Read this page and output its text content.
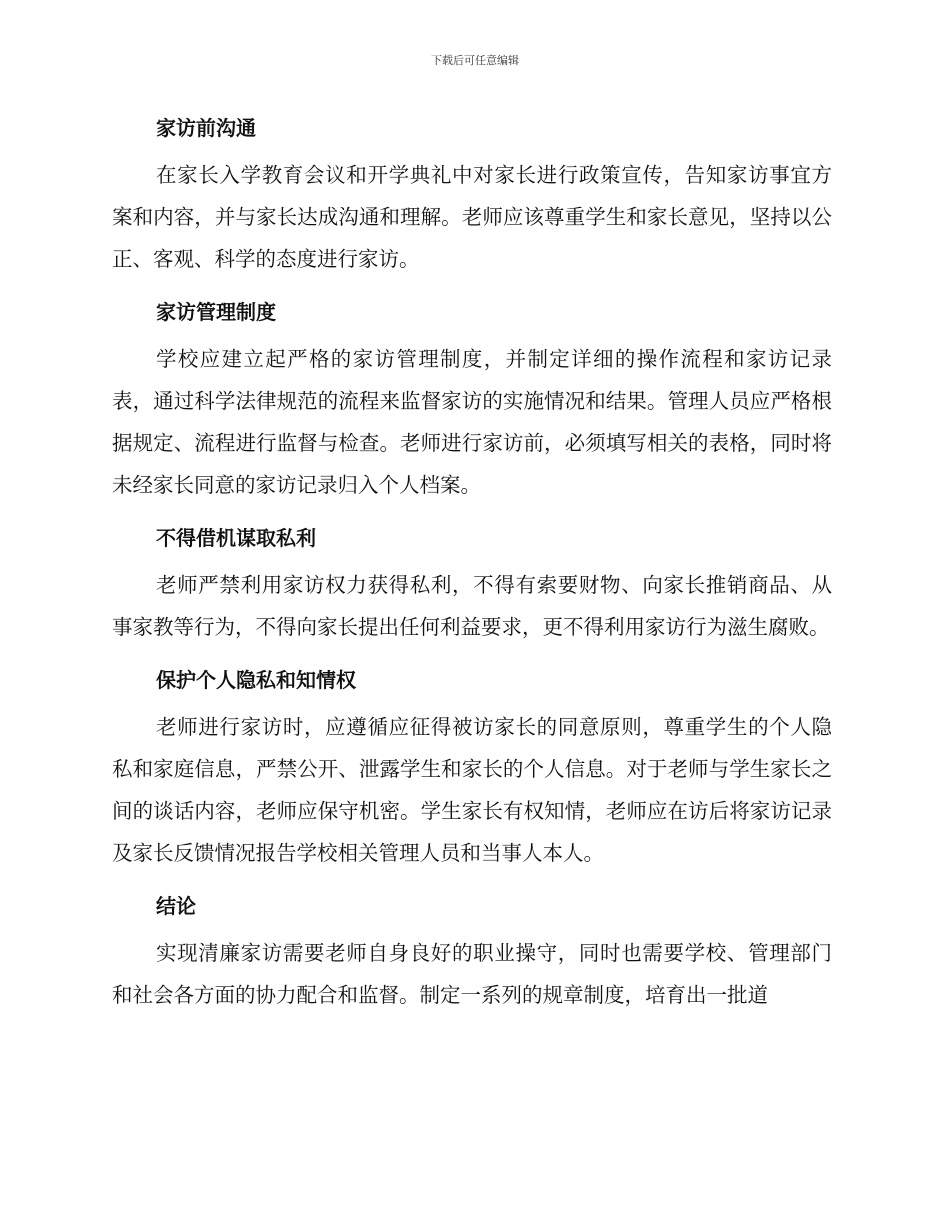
下载后可任意编辑
家访前沟通

在家长入学教育会议和开学典礼中对家长进行政策宣传，告知家访事宜方案和内容，并与家长达成沟通和理解。老师应该尊重学生和家长意见，坚持以公正、客观、科学的态度进行家访。

家访管理制度

学校应建立起严格的家访管理制度，并制定详细的操作流程和家访记录表，通过科学法律规范的流程来监督家访的实施情况和结果。管理人员应严格根据规定、流程进行监督与检查。老师进行家访前，必须填写相关的表格，同时将未经家长同意的家访记录归入个人档案。

不得借机谋取私利

老师严禁利用家访权力获得私利，不得有索要财物、向家长推销商品、从事家教等行为，不得向家长提出任何利益要求，更不得利用家访行为滋生腐败。

保护个人隐私和知情权

老师进行家访时，应遵循应征得被访家长的同意原则，尊重学生的个人隐私和家庭信息，严禁公开、泄露学生和家长的个人信息。对于老师与学生家长之间的谈话内容，老师应保守机密。学生家长有权知情，老师应在访后将家访记录及家长反馈情况报告学校相关管理人员和当事人本人。

结论

实现清廉家访需要老师自身良好的职业操守，同时也需要学校、管理部门和社会各方面的协力配合和监督。制定一系列的规章制度，培育出一批道
